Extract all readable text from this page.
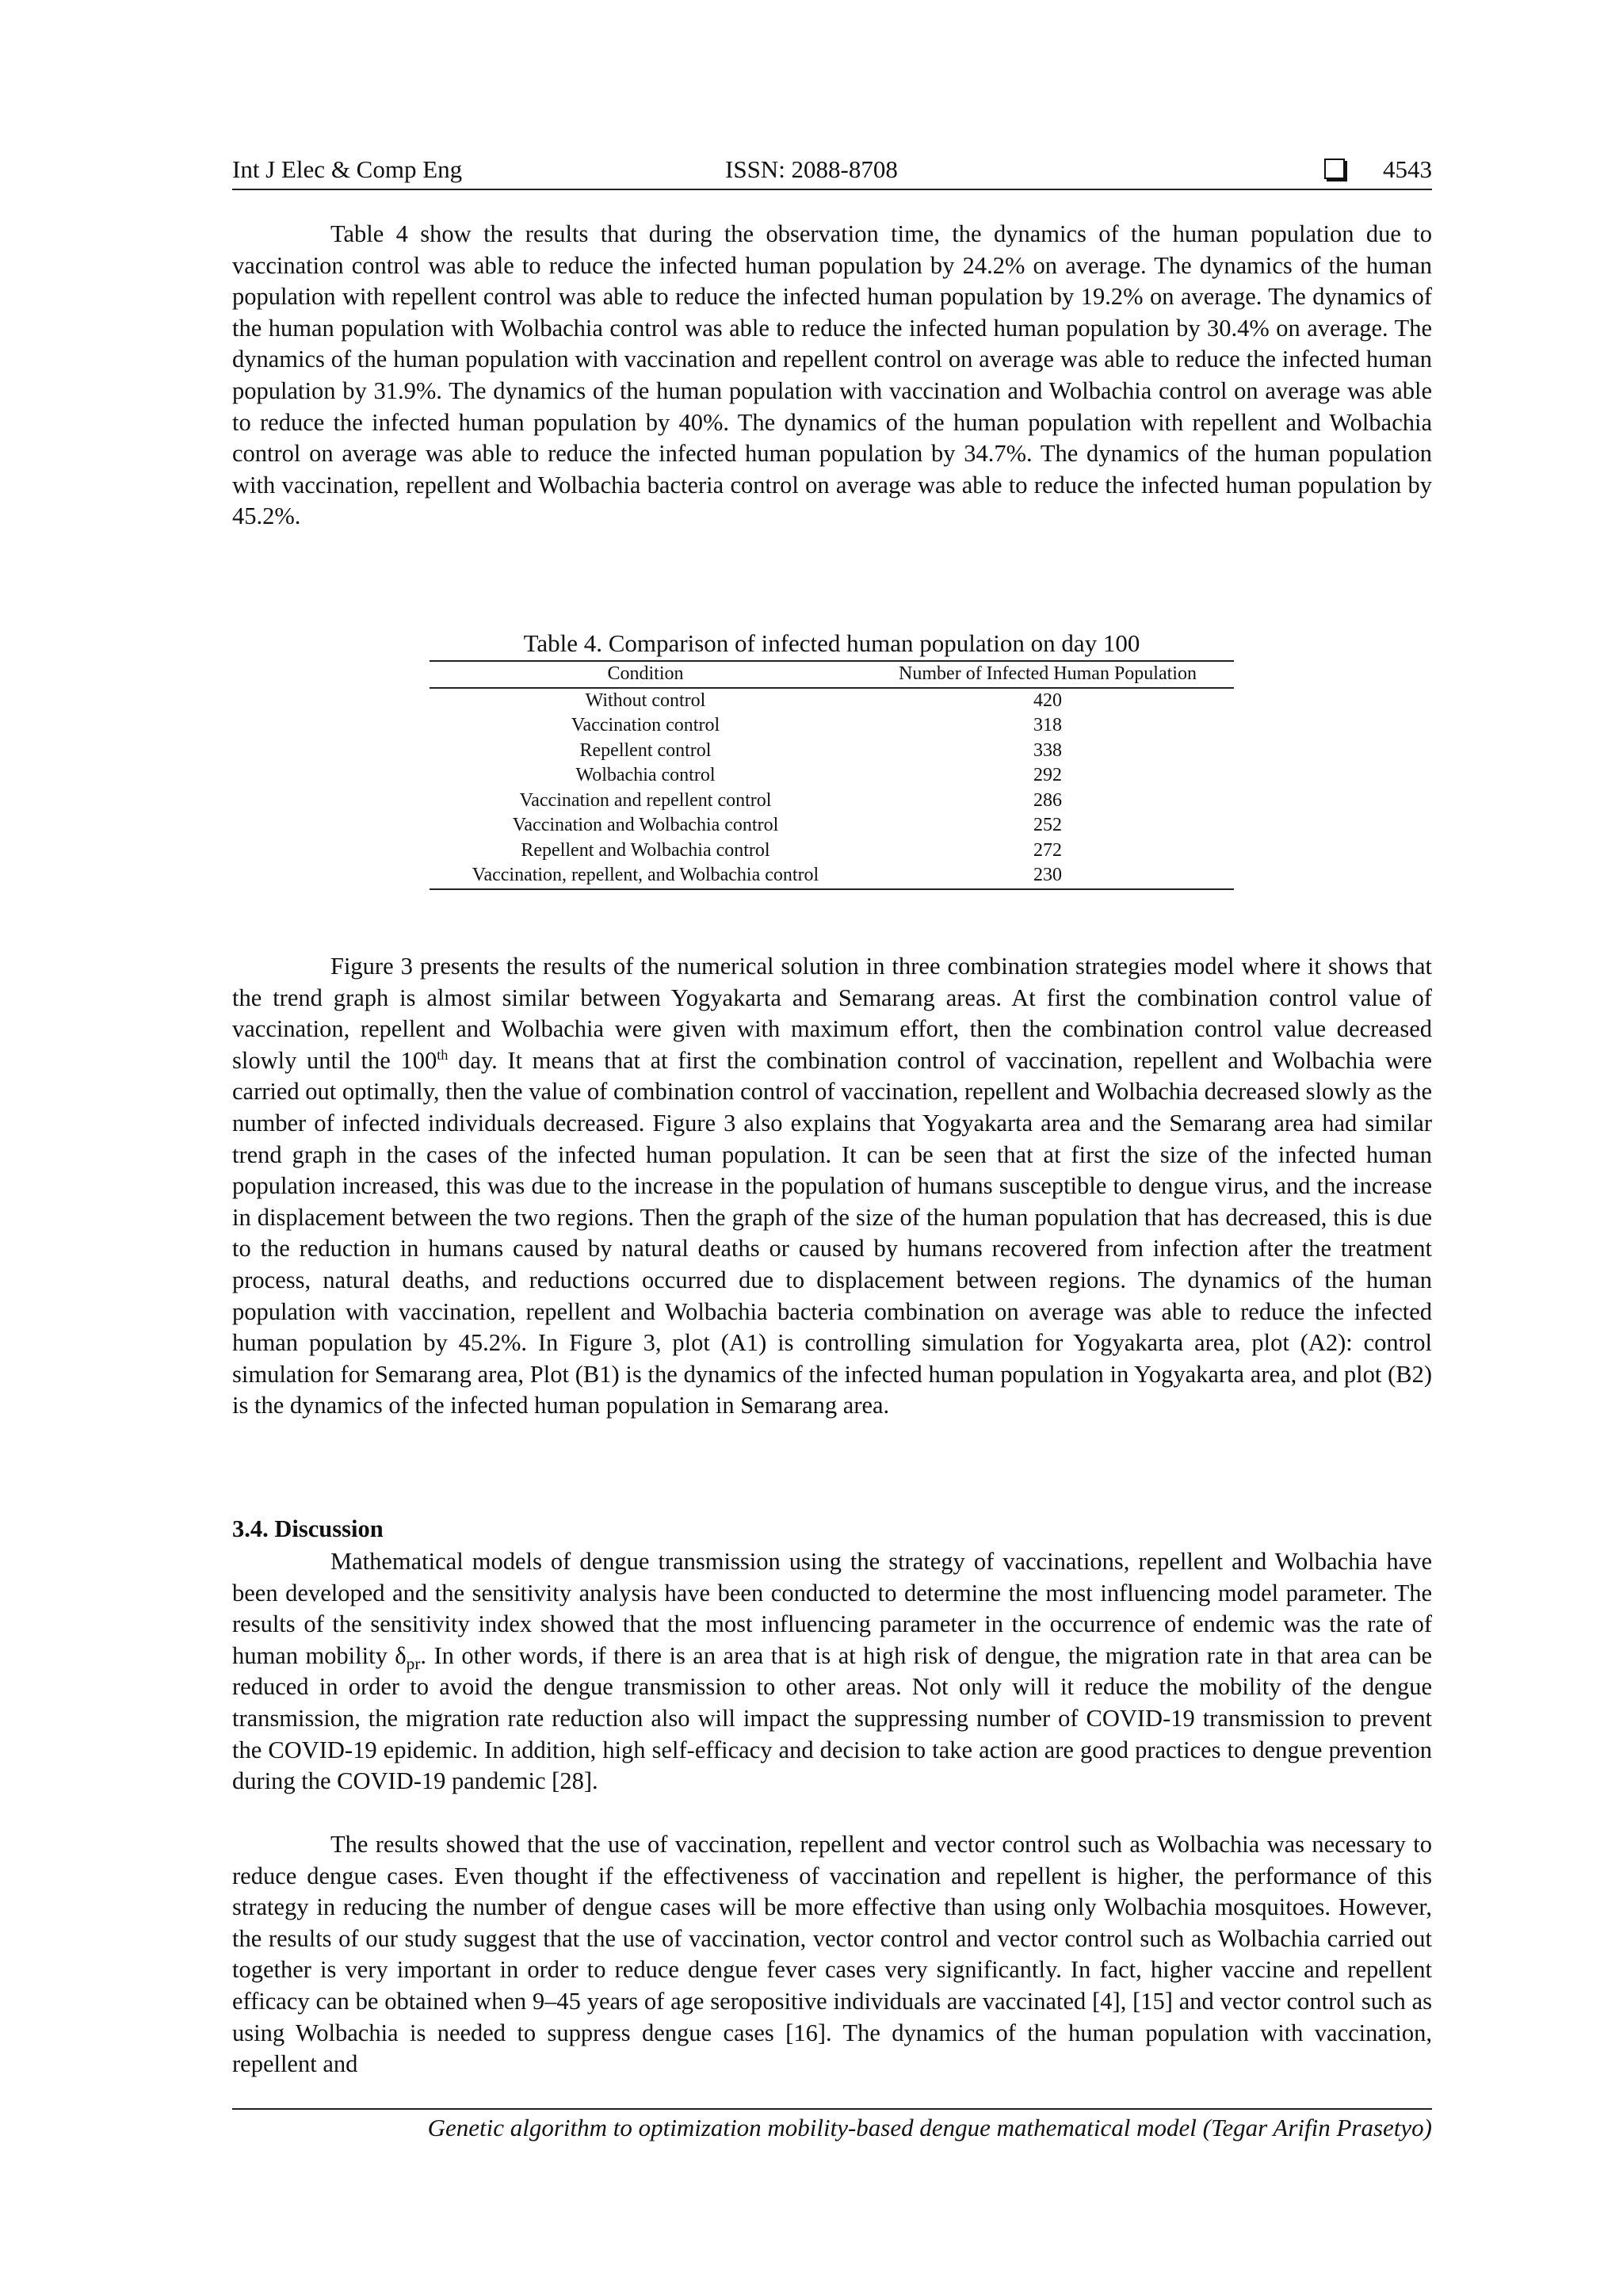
Int J Elec & Comp Eng	ISSN: 2088-8708	4543

Table 4 show the results that during the observation time, the dynamics of the human population due to vaccination control was able to reduce the infected human population by 24.2% on average. The dynamics of the human population with repellent control was able to reduce the infected human population by 19.2% on average. The dynamics of the human population with Wolbachia control was able to reduce the infected human population by 30.4% on average. The dynamics of the human population with vaccination and repellent control on average was able to reduce the infected human population by 31.9%. The dynamics of the human population with vaccination and Wolbachia control on average was able to reduce the infected human population by 40%. The dynamics of the human population with repellent and Wolbachia control on average was able to reduce the infected human population by 34.7%. The dynamics of the human population with vaccination, repellent and Wolbachia bacteria control on average was able to reduce the infected human population by 45.2%.

Table 4. Comparison of infected human population on day 100
Condition	Number of Infected Human Population
Without control	420
Vaccination control	318
Repellent control	338
Wolbachia control	292
Vaccination and repellent control	286
Vaccination and Wolbachia control	252
Repellent and Wolbachia control	272
Vaccination, repellent, and Wolbachia control	230

Figure 3 presents the results of the numerical solution in three combination strategies model where it shows that the trend graph is almost similar between Yogyakarta and Semarang areas. At first the combination control value of vaccination, repellent and Wolbachia were given with maximum effort, then the combination control value decreased slowly until the 100th day. It means that at first the combination control of vaccination, repellent and Wolbachia were carried out optimally, then the value of combination control of vaccination, repellent and Wolbachia decreased slowly as the number of infected individuals decreased. Figure 3 also explains that Yogyakarta area and the Semarang area had similar trend graph in the cases of the infected human population. It can be seen that at first the size of the infected human population increased, this was due to the increase in the population of humans susceptible to dengue virus, and the increase in displacement between the two regions. Then the graph of the size of the human population that has decreased, this is due to the reduction in humans caused by natural deaths or caused by humans recovered from infection after the treatment process, natural deaths, and reductions occurred due to displacement between regions. The dynamics of the human population with vaccination, repellent and Wolbachia bacteria combination on average was able to reduce the infected human population by 45.2%. In Figure 3, plot (A1) is controlling simulation for Yogyakarta area, plot (A2): control simulation for Semarang area, Plot (B1) is the dynamics of the infected human population in Yogyakarta area, and plot (B2) is the dynamics of the infected human population in Semarang area.

3.4. Discussion

Mathematical models of dengue transmission using the strategy of vaccinations, repellent and Wolbachia have been developed and the sensitivity analysis have been conducted to determine the most influencing model parameter. The results of the sensitivity index showed that the most influencing parameter in the occurrence of endemic was the rate of human mobility $\delta_{pr}$. In other words, if there is an area that is at high risk of dengue, the migration rate in that area can be reduced in order to avoid the dengue transmission to other areas. Not only will it reduce the mobility of the dengue transmission, the migration rate reduction also will impact the suppressing number of COVID-19 transmission to prevent the COVID-19 epidemic. In addition, high self-efficacy and decision to take action are good practices to dengue prevention during the COVID-19 pandemic [28].

The results showed that the use of vaccination, repellent and vector control such as Wolbachia was necessary to reduce dengue cases. Even thought if the effectiveness of vaccination and repellent is higher, the performance of this strategy in reducing the number of dengue cases will be more effective than using only Wolbachia mosquitoes. However, the results of our study suggest that the use of vaccination, vector control and vector control such as Wolbachia carried out together is very important in order to reduce dengue fever cases very significantly. In fact, higher vaccine and repellent efficacy can be obtained when 9–45 years of age seropositive individuals are vaccinated [4], [15] and vector control such as using Wolbachia is needed to suppress dengue cases [16]. The dynamics of the human population with vaccination, repellent and

Genetic algorithm to optimization mobility-based dengue mathematical model (Tegar Arifin Prasetyo)
